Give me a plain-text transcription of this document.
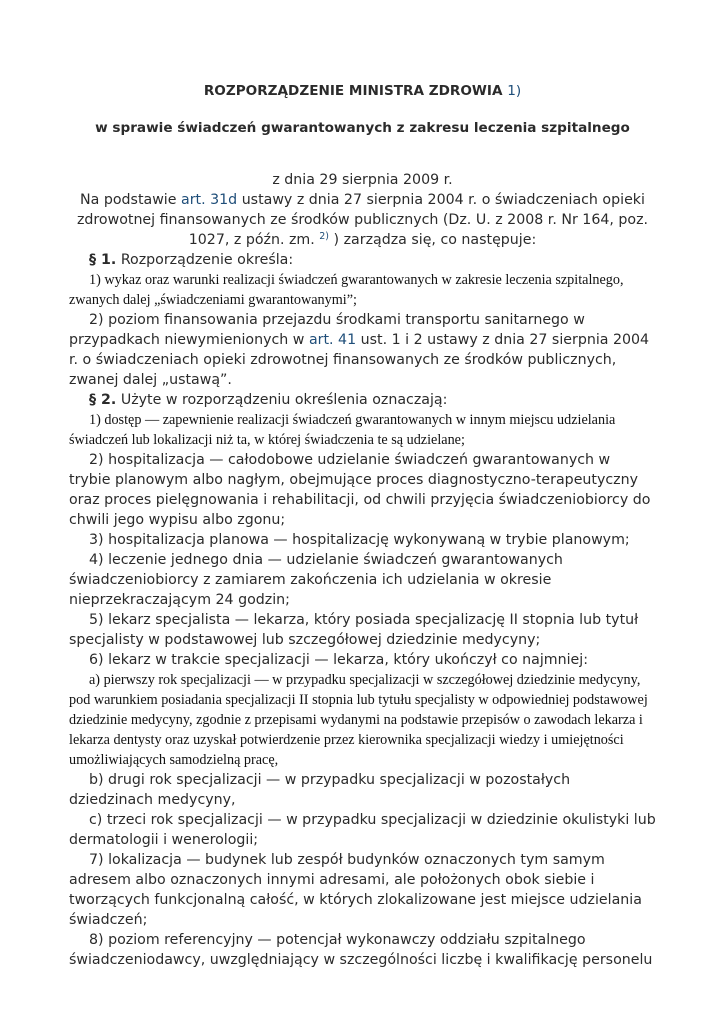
ROZPORZĄDZENIE MINISTRA ZDROWIA 1)
w sprawie świadczeń gwarantowanych z zakresu leczenia szpitalnego

z dnia 29 sierpnia 2009 r.

Na podstawie art. 31d ustawy z dnia 27 sierpnia 2004 r. o świadczeniach opieki zdrowotnej finansowanych ze środków publicznych (Dz. U. z 2008 r. Nr 164, poz. 1027, z późn. zm. $^{2)}$ ) zarządza się, co następuje:

§ 1. Rozporządzenie określa:

1) wykaz oraz warunki realizacji świadczeń gwarantowanych w zakresie leczenia szpitalnego, zwanych dalej „świadczeniami gwarantowanymi”;

2) poziom finansowania przejazdu środkami transportu sanitarnego w przypadkach niewymienionych w art. 41 ust. 1 i 2 ustawy z dnia 27 sierpnia 2004 r. o świadczeniach opieki zdrowotnej finansowanych ze środków publicznych, zwanej dalej „ustawą”.

§ 2. Użyte w rozporządzeniu określenia oznaczają:

1) dostęp — zapewnienie realizacji świadczeń gwarantowanych w innym miejscu udzielania świadczeń lub lokalizacji niż ta, w której świadczenia te są udzielane;

2) hospitalizacja — całodobowe udzielanie świadczeń gwarantowanych w trybie planowym albo nagłym, obejmujące proces diagnostyczno-terapeutyczny oraz proces pielęgnowania i rehabilitacji, od chwili przyjęcia świadczeniobiorcy do chwili jego wypisu albo zgonu;

3) hospitalizacja planowa — hospitalizację wykonywaną w trybie planowym;

4) leczenie jednego dnia — udzielanie świadczeń gwarantowanych świadczeniobiorcy z zamiarem zakończenia ich udzielania w okresie nieprzekraczającym 24 godzin;

5) lekarz specjalista — lekarza, który posiada specjalizację II stopnia lub tytuł specjalisty w podstawowej lub szczegółowej dziedzinie medycyny;

6) lekarz w trakcie specjalizacji — lekarza, który ukończył co najmniej:

a) pierwszy rok specjalizacji — w przypadku specjalizacji w szczegółowej dziedzinie medycyny, pod warunkiem posiadania specjalizacji II stopnia lub tytułu specjalisty w odpowiedniej podstawowej dziedzinie medycyny, zgodnie z przepisami wydanymi na podstawie przepisów o zawodach lekarza i lekarza dentysty oraz uzyskał potwierdzenie przez kierownika specjalizacji wiedzy i umiejętności umożliwiających samodzielną pracę,

b) drugi rok specjalizacji — w przypadku specjalizacji w pozostałych dziedzinach medycyny,

c) trzeci rok specjalizacji — w przypadku specjalizacji w dziedzinie okulistyki lub dermatologii i wenerologii;

7) lokalizacja — budynek lub zespół budynków oznaczonych tym samym adresem albo oznaczonych innymi adresami, ale położonych obok siebie i tworzących funkcjonalną całość, w których zlokalizowane jest miejsce udzielania świadczeń;

8) poziom referencyjny — potencjał wykonawczy oddziału szpitalnego świadczeniodawcy, uwzględniający w szczególności liczbę i kwalifikację personelu
